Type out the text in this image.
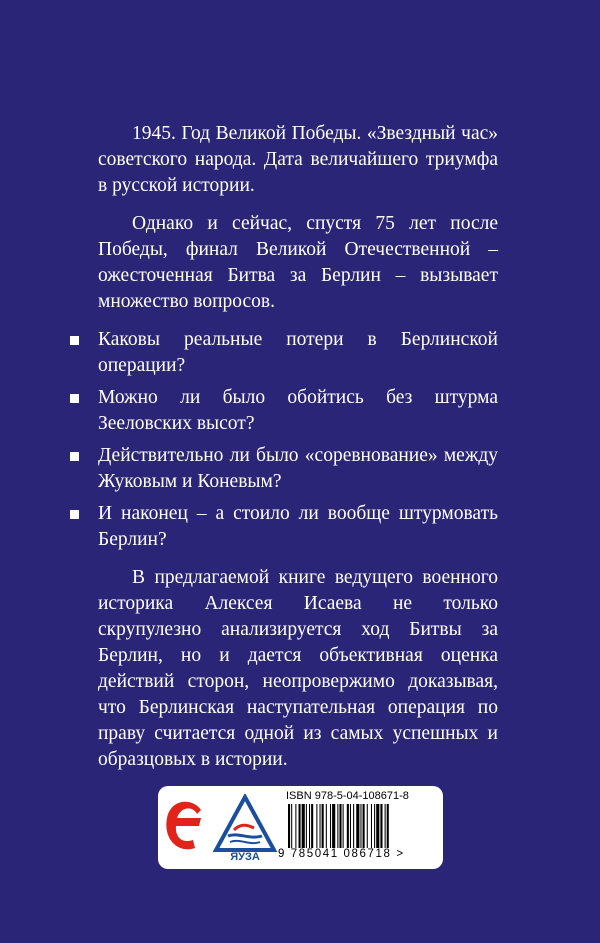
1945. Год Великой Победы. «Звездный час» советского народа. Дата величайшего триумфа в русской истории.

Однако и сейчас, спустя 75 лет после Победы, финал Великой Отечественной – ожесточенная Битва за Берлин – вызывает множество вопросов.

Каковы реальные потери в Берлинской операции?
Можно ли было обойтись без штурма Зееловских высот?
Действительно ли было «соревнование» между Жуковым и Коневым?
И наконец – а стоило ли вообще штурмовать Берлин?

В предлагаемой книге ведущего военного историка Алексея Исаева не только скрупулезно анализируется ход Битвы за Берлин, но и дается объективная оценка действий сторон, неопровержимо доказывая, что Берлинская наступательная операция по праву считается одной из самых успешных и образцовых в истории.

ЯУЗА
ISBN 978-5-04-108671-8
9 785041 086718 >
